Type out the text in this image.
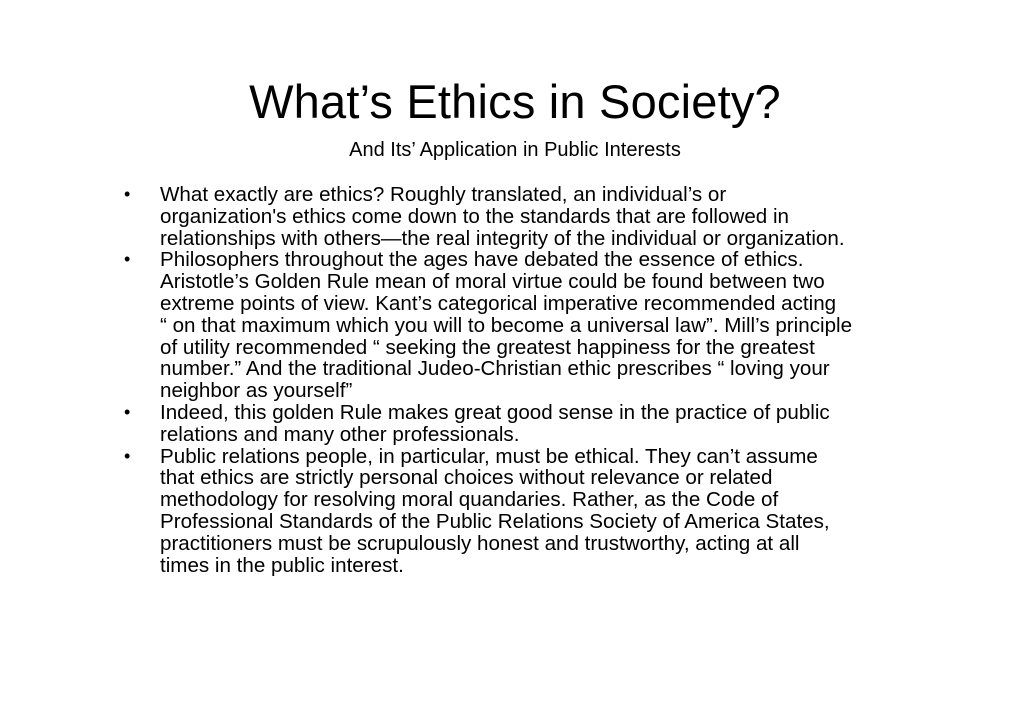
What’s Ethics in Society?
And Its’ Application in Public Interests
•	What exactly are ethics? Roughly translated, an individual’s or
organization's ethics come down to the standards that are followed in
relationships with others—the real integrity of the individual or organization.
•	Philosophers throughout the ages have debated the essence of ethics.
Aristotle’s Golden Rule mean of moral virtue could be found between two
extreme points of view. Kant’s categorical imperative recommended acting
“ on that maximum which you will to become a universal law”. Mill’s principle
of utility recommended “ seeking the greatest happiness for the greatest
number.” And the traditional Judeo-Christian ethic prescribes “ loving your
neighbor as yourself”
•	Indeed, this golden Rule makes great good sense in the practice of public
relations and many other professionals.
•	Public relations people, in particular, must be ethical. They can’t assume
that ethics are strictly personal choices without relevance or related
methodology for resolving moral quandaries. Rather, as the Code of
Professional Standards of the Public Relations Society of America States,
practitioners must be scrupulously honest and trustworthy, acting at all
times in the public interest.
